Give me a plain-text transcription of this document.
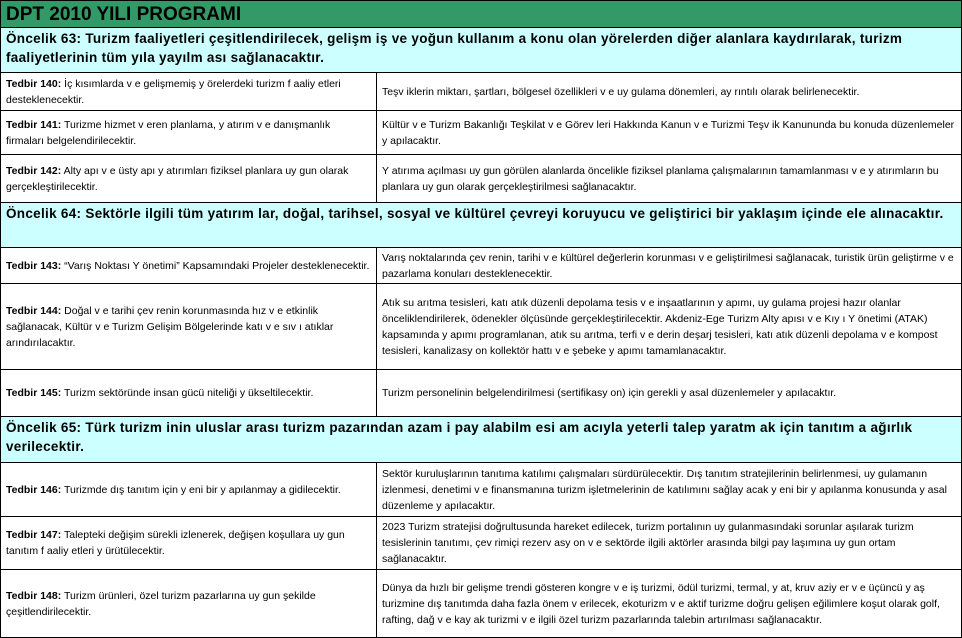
DPT 2010 YILI PROGRAMI
Öncelik 63: Turizm faaliyetleri çeşitlendirilecek, gelişm iş ve yoğun kullanım a konu olan yörelerden diğer alanlara kaydırılarak, turizm faaliyetlerinin tüm yıla yayılm ası sağlanacaktır.
Tedbir 140: İç kısımlarda v e gelişmemiş y örelerdeki turizm f aaliy etleri desteklenecektir.
Teşv iklerin miktarı, şartları, bölgesel özellikleri v e uy gulama dönemleri, ay rıntılı olarak belirlenecektir.
Tedbir 141: Turizme hizmet v eren planlama, y atırım v e danışmanlık firmaları belgelendirilecektir.
Kültür v e Turizm Bakanlığı Teşkilat v e Görev leri Hakkında Kanun v e Turizmi Teşv ik Kanununda bu konuda düzenlemeler y apılacaktır.
Tedbir 142: Alty apı v e üsty apı y atırımları fiziksel planlara uy gun olarak gerçekleştirilecektir.
Y atırıma açılması uy gun görülen alanlarda öncelikle fiziksel planlama çalışmalarının tamamlanması v e y atırımların bu planlara uy gun olarak gerçekleştirilmesi sağlanacaktır.
Öncelik 64: Sektörle ilgili tüm yatırım lar, doğal, tarihsel, sosyal ve kültürel çevreyi koruyucu ve geliştirici bir yaklaşım içinde ele alınacaktır.
Tedbir 143: “Varış Noktası Y önetimi” Kapsamındaki Projeler desteklenecektir.
Varış noktalarında çev renin, tarihi v e kültürel değerlerin korunması v e geliştirilmesi sağlanacak, turistik ürün geliştirme v e pazarlama konuları desteklenecektir.
Tedbir 144: Doğal v e tarihi çev renin korunmasında hız v e etkinlik sağlanacak, Kültür v e Turizm Gelişim Bölgelerinde katı v e sıv ı atıklar arındırılacaktır.
Atık su arıtma tesisleri, katı atık düzenli depolama tesis v e inşaatlarının y apımı, uy gulama projesi hazır olanlar önceliklendirilerek, ödenekler ölçüsünde gerçekleştirilecektir. Akdeniz-Ege Turizm Alty apısı v e Kıy ı Y önetimi (ATAK) kapsamında y apımı programlanan, atık su arıtma, terfi v e derin deşarj tesisleri, katı atık düzenli depolama v e kompost tesisleri, kanalizasy on kollektör hattı v e şebeke y apımı tamamlanacaktır.
Tedbir 145: Turizm sektöründe insan gücü niteliği y ükseltilecektir.	Turizm personelinin belgelendirilmesi (sertifikasy on) için gerekli y asal düzenlemeler y apılacaktır.
Öncelik 65: Türk turizm inin uluslar arası turizm pazarından azam i pay alabilm esi am acıyla yeterli talep yaratm ak için tanıtım a ağırlık verilecektir.
Tedbir 146: Turizmde dış tanıtım için y eni bir y apılanmay a gidilecektir.
Sektör kuruluşlarının tanıtıma katılımı çalışmaları sürdürülecektir. Dış tanıtım stratejilerinin belirlenmesi, uy gulamanın izlenmesi, denetimi v e finansmanına turizm işletmelerinin de katılımını sağlay acak y eni bir y apılanma konusunda y asal düzenleme y apılacaktır.
Tedbir 147: Talepteki değişim sürekli izlenerek, değişen koşullara uy gun tanıtım f aaliy etleri y ürütülecektir.
2023 Turizm stratejisi doğrultusunda hareket edilecek, turizm portalının uy gulanmasındaki sorunlar aşılarak turizm tesislerinin tanıtımı, çev rimiçi rezerv asy on v e sektörde ilgili aktörler arasında bilgi pay laşımına uy gun ortam sağlanacaktır.
Tedbir 148: Turizm ürünleri, özel turizm pazarlarına uy gun şekilde çeşitlendirilecektir.
Dünya da hızlı bir gelişme trendi gösteren kongre v e iş turizmi, ödül turizmi, termal, y at, kruv aziy er v e üçüncü y aş turizmine dış tanıtımda daha fazla önem v erilecek, ekoturizm v e aktif turizme doğru gelişen eğilimlere koşut olarak golf, rafting, dağ v e kay ak turizmi v e ilgili özel turizm pazarlarında talebin artırılması sağlanacaktır.
